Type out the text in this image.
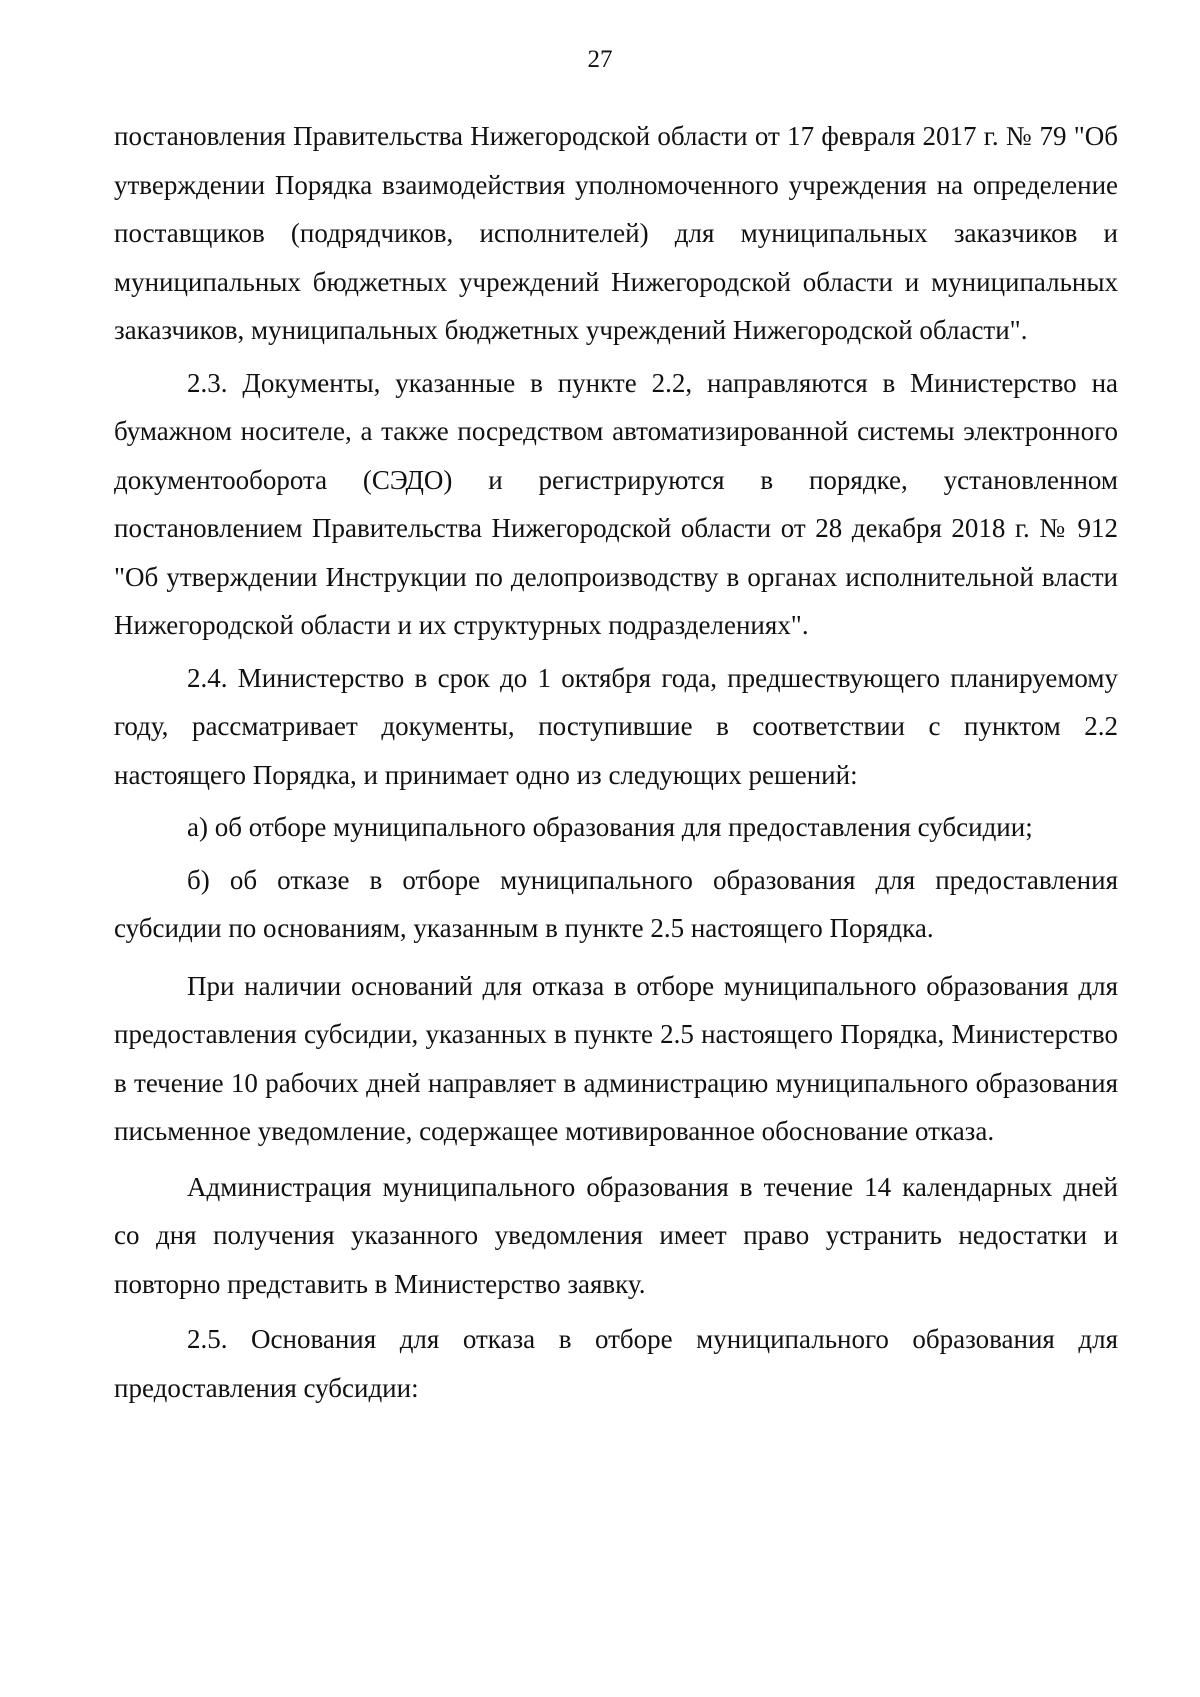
27

постановления Правительства Нижегородской области от 17 февраля 2017 г. № 79 "Об утверждении Порядка взаимодействия уполномоченного учреждения на определение поставщиков (подрядчиков, исполнителей) для муниципальных заказчиков и муниципальных бюджетных учреждений Нижегородской области и муниципальных заказчиков, муниципальных бюджетных учреждений Нижегородской области".

2.3. Документы, указанные в пункте 2.2, направляются в Министерство на бумажном носителе, а также посредством автоматизированной системы электронного документооборота (СЭДО) и регистрируются в порядке, установленном постановлением Правительства Нижегородской области от 28 декабря 2018 г. № 912 "Об утверждении Инструкции по делопроизводству в органах исполнительной власти Нижегородской области и их структурных подразделениях".

2.4. Министерство в срок до 1 октября года, предшествующего планируемому году, рассматривает документы, поступившие в соответствии с пунктом 2.2 настоящего Порядка, и принимает одно из следующих решений:

а) об отборе муниципального образования для предоставления субсидии;

б) об отказе в отборе муниципального образования для предоставления субсидии по основаниям, указанным в пункте 2.5 настоящего Порядка.

При наличии оснований для отказа в отборе муниципального образования для предоставления субсидии, указанных в пункте 2.5 настоящего Порядка, Министерство в течение 10 рабочих дней направляет в администрацию муниципального образования письменное уведомление, содержащее мотивированное обоснование отказа.

Администрация муниципального образования в течение 14 календарных дней со дня получения указанного уведомления имеет право устранить недостатки и повторно представить в Министерство заявку.

2.5. Основания для отказа в отборе муниципального образования для предоставления субсидии:
